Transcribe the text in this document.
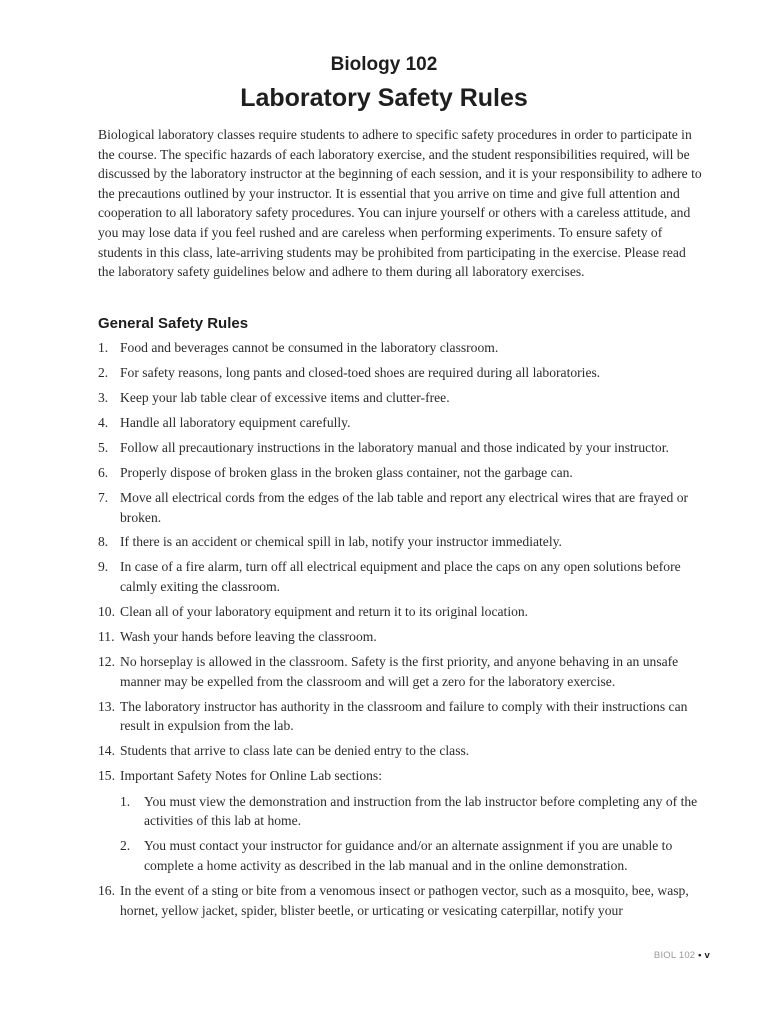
Biology 102
Laboratory Safety Rules

Biological laboratory classes require students to adhere to specific safety procedures in order to participate in the course. The specific hazards of each laboratory exercise, and the student responsibilities required, will be discussed by the laboratory instructor at the beginning of each session, and it is your responsibility to adhere to the precautions outlined by your instructor. It is essential that you arrive on time and give full attention and cooperation to all laboratory safety procedures. You can injure yourself or others with a careless attitude, and you may lose data if you feel rushed and are careless when performing experiments. To ensure safety of students in this class, late-arriving students may be prohibited from participating in the exercise. Please read the laboratory safety guidelines below and adhere to them during all laboratory exercises.

General Safety Rules
1. Food and beverages cannot be consumed in the laboratory classroom.
2. For safety reasons, long pants and closed-toed shoes are required during all laboratories.
3. Keep your lab table clear of excessive items and clutter-free.
4. Handle all laboratory equipment carefully.
5. Follow all precautionary instructions in the laboratory manual and those indicated by your instructor.
6. Properly dispose of broken glass in the broken glass container, not the garbage can.
7. Move all electrical cords from the edges of the lab table and report any electrical wires that are frayed or broken.
8. If there is an accident or chemical spill in lab, notify your instructor immediately.
9. In case of a fire alarm, turn off all electrical equipment and place the caps on any open solutions before calmly exiting the classroom.
10. Clean all of your laboratory equipment and return it to its original location.
11. Wash your hands before leaving the classroom.
12. No horseplay is allowed in the classroom. Safety is the first priority, and anyone behaving in an unsafe manner may be expelled from the classroom and will get a zero for the laboratory exercise.
13. The laboratory instructor has authority in the classroom and failure to comply with their instructions can result in expulsion from the lab.
14. Students that arrive to class late can be denied entry to the class.
15. Important Safety Notes for Online Lab sections:
1. You must view the demonstration and instruction from the lab instructor before completing any of the activities of this lab at home.
2. You must contact your instructor for guidance and/or an alternate assignment if you are unable to complete a home activity as described in the lab manual and in the online demonstration.
16. In the event of a sting or bite from a venomous insect or pathogen vector, such as a mosquito, bee, wasp, hornet, yellow jacket, spider, blister beetle, or urticating or vesicating caterpillar, notify your
BIOL 102 • v
